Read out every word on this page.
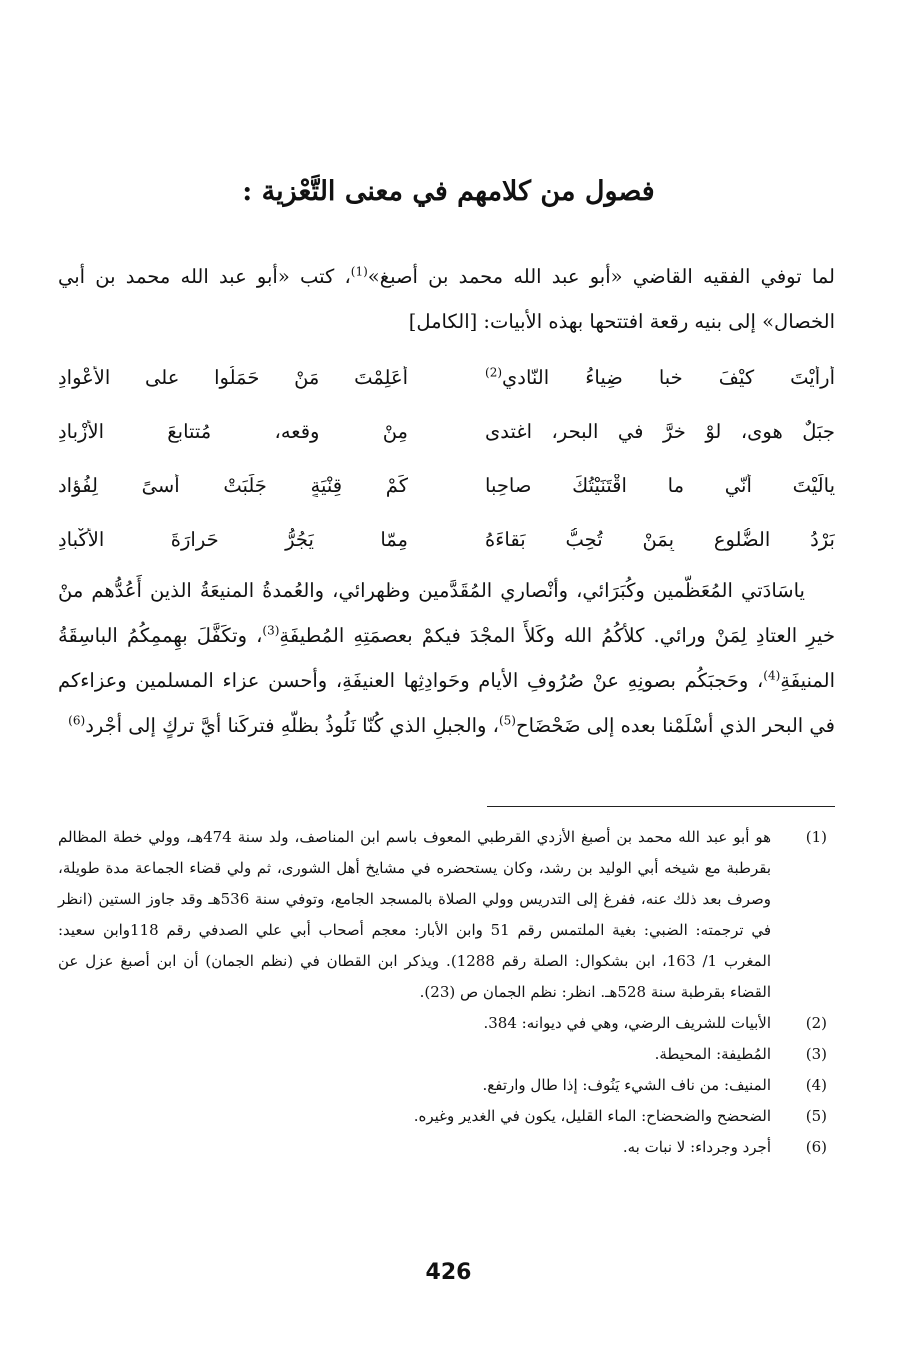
فصول من كلامهم في معنى التَّعْزية :

لما توفي الفقيه القاضي «أبو عبد الله محمد بن أصبغ»$^{(1)}$، كتب «أبو عبد الله محمد بن أبي الخصال» إلى بنيه رقعة افتتحها بهذه الأبيات: [الكامل]

أرأيْتَ كيْفَ خبا ضِياءُ النّادي$^{(2)}$
أَعَلِمْتَ مَنْ حَمَلُوا على الأعْوادِ
جبَلٌ هوى، لوْ خرَّ في البحر، اغتدى
مِنْ وقعه، مُتتابعَ الأزْبادِ
يالَيْتَ أنّي ما اقْتَنَيْتُكَ صاحِبا
كَمْ قِنْيَةٍ جَلَبَتْ أسىً لِفُؤاد
بَرْدُ الضُّلوعِ بِمَنْ تُحِبُّ بَقاءَهُ
مِمّا يَجُرُّ حَرارَةَ الأكْبادِ

ياسَادَتي المُعَظّمين وكُبَرَائي، وأنْصاري المُقَدَّمين وظهرائي، والعُمدةُ المنيعَةُ الذين أَعُدُّهم منْ خيرِ العتادِ لِمَنْ ورائي. كلأكُمُ الله وكَلأَ المجْدَ فيكمْ بعصمَتِهِ المُطيفَةِ$^{(3)}$، وتكَفَّلَ بهِممِكُمُ الباسِقَةُ المنيفَةِ$^{(4)}$، وحَجبَكُم بصونِهِ عنْ صُرُوفِ الأيام وحَوادِثِها العنيفَةِ، وأحسن عزاء المسلمين وعزاءكم في البحر الذي أسْلَمْنا بعده إلى ضَحْضَاح$^{(5)}$، والجبلِ الذي كُنّا نَلُوذُ بظلّهِ فتركَنا أيَّ تركٍ إلى أجْرد$^{(6)}$

(1)
هو أبو عبد الله محمد بن أصبغ الأزدي القرطبي المعوف باسم ابن المناصف، ولد سنة 474هـ، وولي خطة المظالم بقرطبة مع شيخه أبي الوليد بن رشد، وكان يستحضره في مشايخ أهل الشورى، ثم ولي قضاء الجماعة مدة طويلة، وصرف بعد ذلك عنه، ففرغ إلى التدريس وولي الصلاة بالمسجد الجامع، وتوفي سنة 536هـ وقد جاوز الستين (انظر في ترجمته: الضبي: بغية الملتمس رقم 51 وابن الأبار: معجم أصحاب أبي علي الصدفي رقم 118وابن سعيد: المغرب 1/ 163، ابن بشكوال: الصلة رقم 1288). ويذكر ابن القطان في (نظم الجمان) أن ابن أصبغ عزل عن القضاء بقرطبة سنة 528هـ. انظر: نظم الجمان ص (23).
(2)
الأبيات للشريف الرضي، وهي في ديوانه: 384.
(3)
المُطيفة: المحيطة.
(4)
المنيف: من ناف الشيء يَنُوف: إذا طال وارتفع.
(5)
الضحضح والضحضاح: الماء القليل، يكون في الغدير وغيره.
(6)
أجرد وجرداء: لا نبات به.
426
